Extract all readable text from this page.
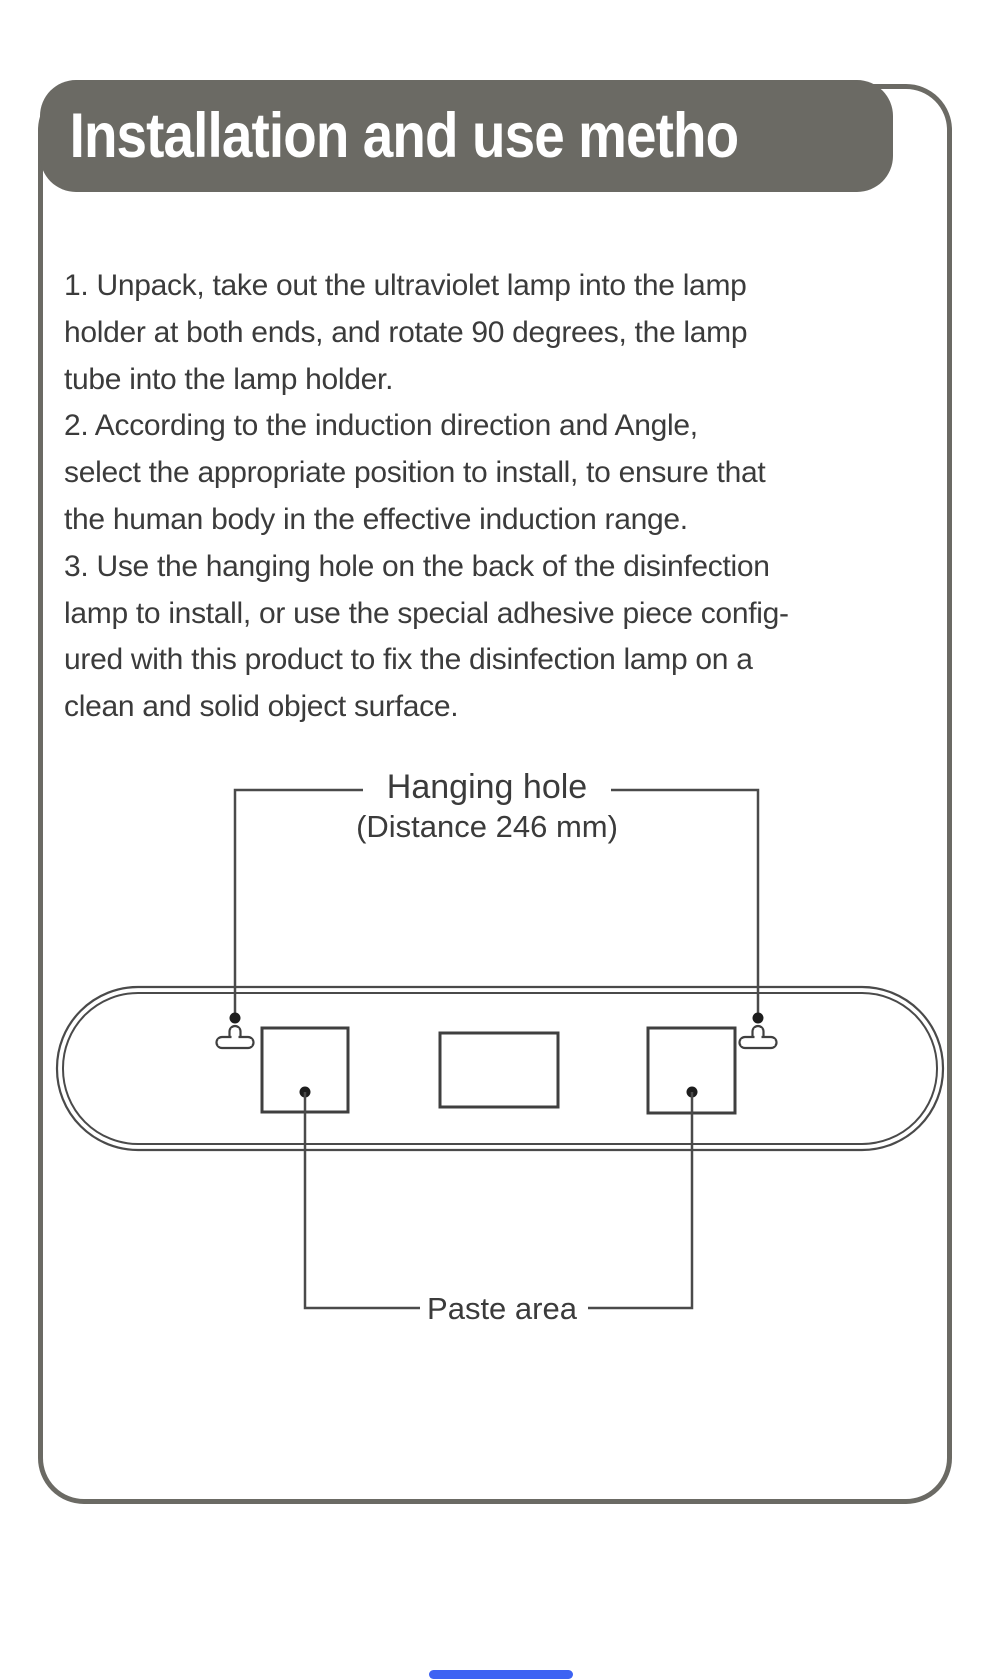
Installation and use metho
1. Unpack, take out the ultraviolet lamp into the lamp
holder at both ends, and rotate 90 degrees, the lamp
tube into the lamp holder.
2. According to the induction direction and Angle,
select the appropriate position to install, to ensure that
the human body in the effective induction range.
3. Use the hanging hole on the back of the disinfection
lamp to install, or use the special adhesive piece config-
ured with this product to fix the disinfection lamp on a
clean and solid object surface.
Hanging hole
(Distance 246 mm)
Paste area
